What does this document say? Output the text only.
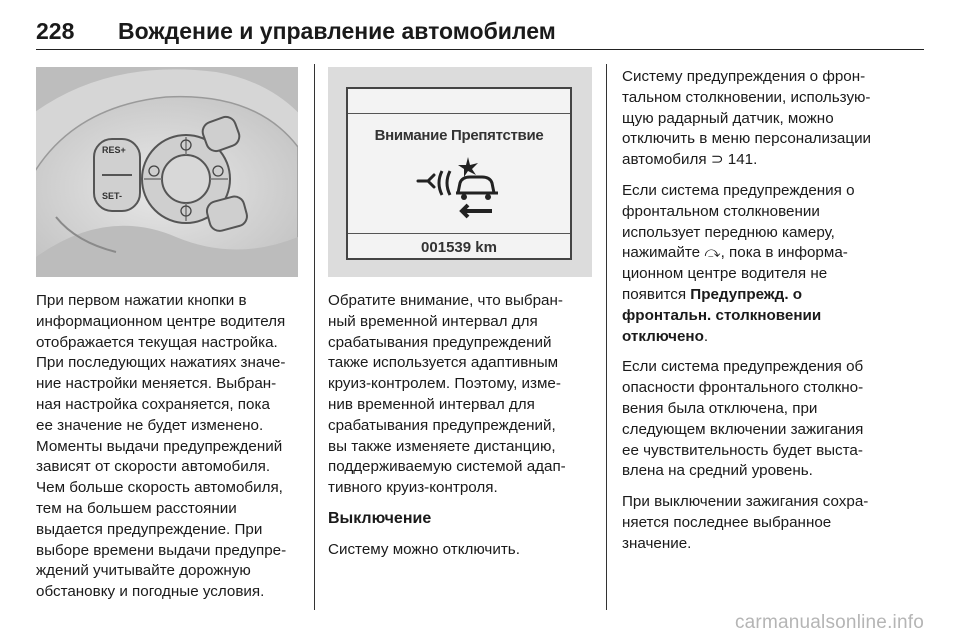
228 Вождение и управление автомобилем
RES+
SET-
Внимание Препятствие
001539 km

При первом нажатии кнопки в
информационном центре водителя
отображается текущая настройка.
При последующих нажатиях значе-
ние настройки меняется. Выбран-
ная настройка сохраняется, пока
ее значение не будет изменено.
Моменты выдачи предупреждений
зависят от скорости автомобиля.
Чем больше скорость автомобиля,
тем на большем расстоянии
выдается предупреждение. При
выборе времени выдачи предупре-
ждений учитывайте дорожную
обстановку и погодные условия.

Обратите внимание, что выбран-
ный временной интервал для
срабатывания предупреждений
также используется адаптивным
круиз-контролем. Поэтому, изме-
нив временной интервал для
срабатывания предупреждений,
вы также изменяете дистанцию,
поддерживаемую системой адап-
тивного круиз-контроля.

Выключение

Систему можно отключить.

Систему предупреждения о фрон-
тальном столкновении, использую-
щую радарный датчик, можно
отключить в меню персонализации
автомобиля ⊃ 141.

Если система предупреждения о
фронтальном столкновении
использует переднюю камеру,
нажимайте ⤼, пока в информа-
ционном центре водителя не
появится Предупрежд. о
фронтальн. столкновении
отключено.

Если система предупреждения об
опасности фронтального столкно-
вения была отключена, при
следующем включении зажигания
ее чувствительность будет выста-
влена на средний уровень.

При выключении зажигания сохра-
няется последнее выбранное
значение.

carmanualsonline.info
